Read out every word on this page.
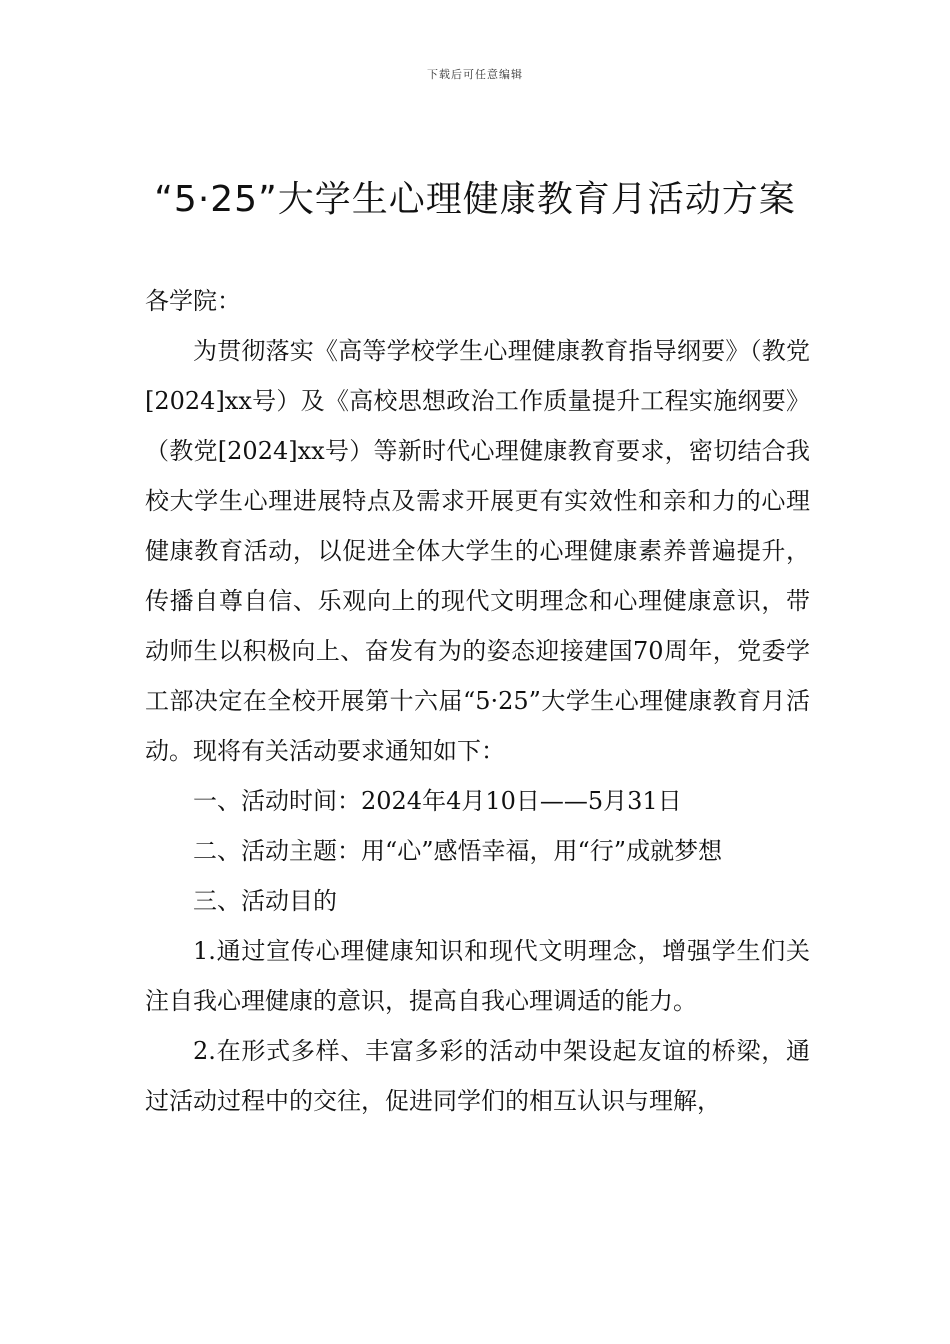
下载后可任意编辑
“5·25”大学生心理健康教育月活动方案

各学院：

为贯彻落实《高等学校学生心理健康教育指导纲要》（教党[2024]xx号）及《高校思想政治工作质量提升工程实施纲要》（教党[2024]xx号）等新时代心理健康教育要求，密切结合我校大学生心理进展特点及需求开展更有实效性和亲和力的心理健康教育活动，以促进全体大学生的心理健康素养普遍提升，传播自尊自信、乐观向上的现代文明理念和心理健康意识，带动师生以积极向上、奋发有为的姿态迎接建国70周年，党委学工部决定在全校开展第十六届“5·25”大学生心理健康教育月活动。现将有关活动要求通知如下：

一、活动时间：2024年4月10日——5月31日

二、活动主题：用“心”感悟幸福，用“行”成就梦想

三、活动目的

1.通过宣传心理健康知识和现代文明理念，增强学生们关注自我心理健康的意识，提高自我心理调适的能力。

2.在形式多样、丰富多彩的活动中架设起友谊的桥梁，通过活动过程中的交往，促进同学们的相互认识与理解，
